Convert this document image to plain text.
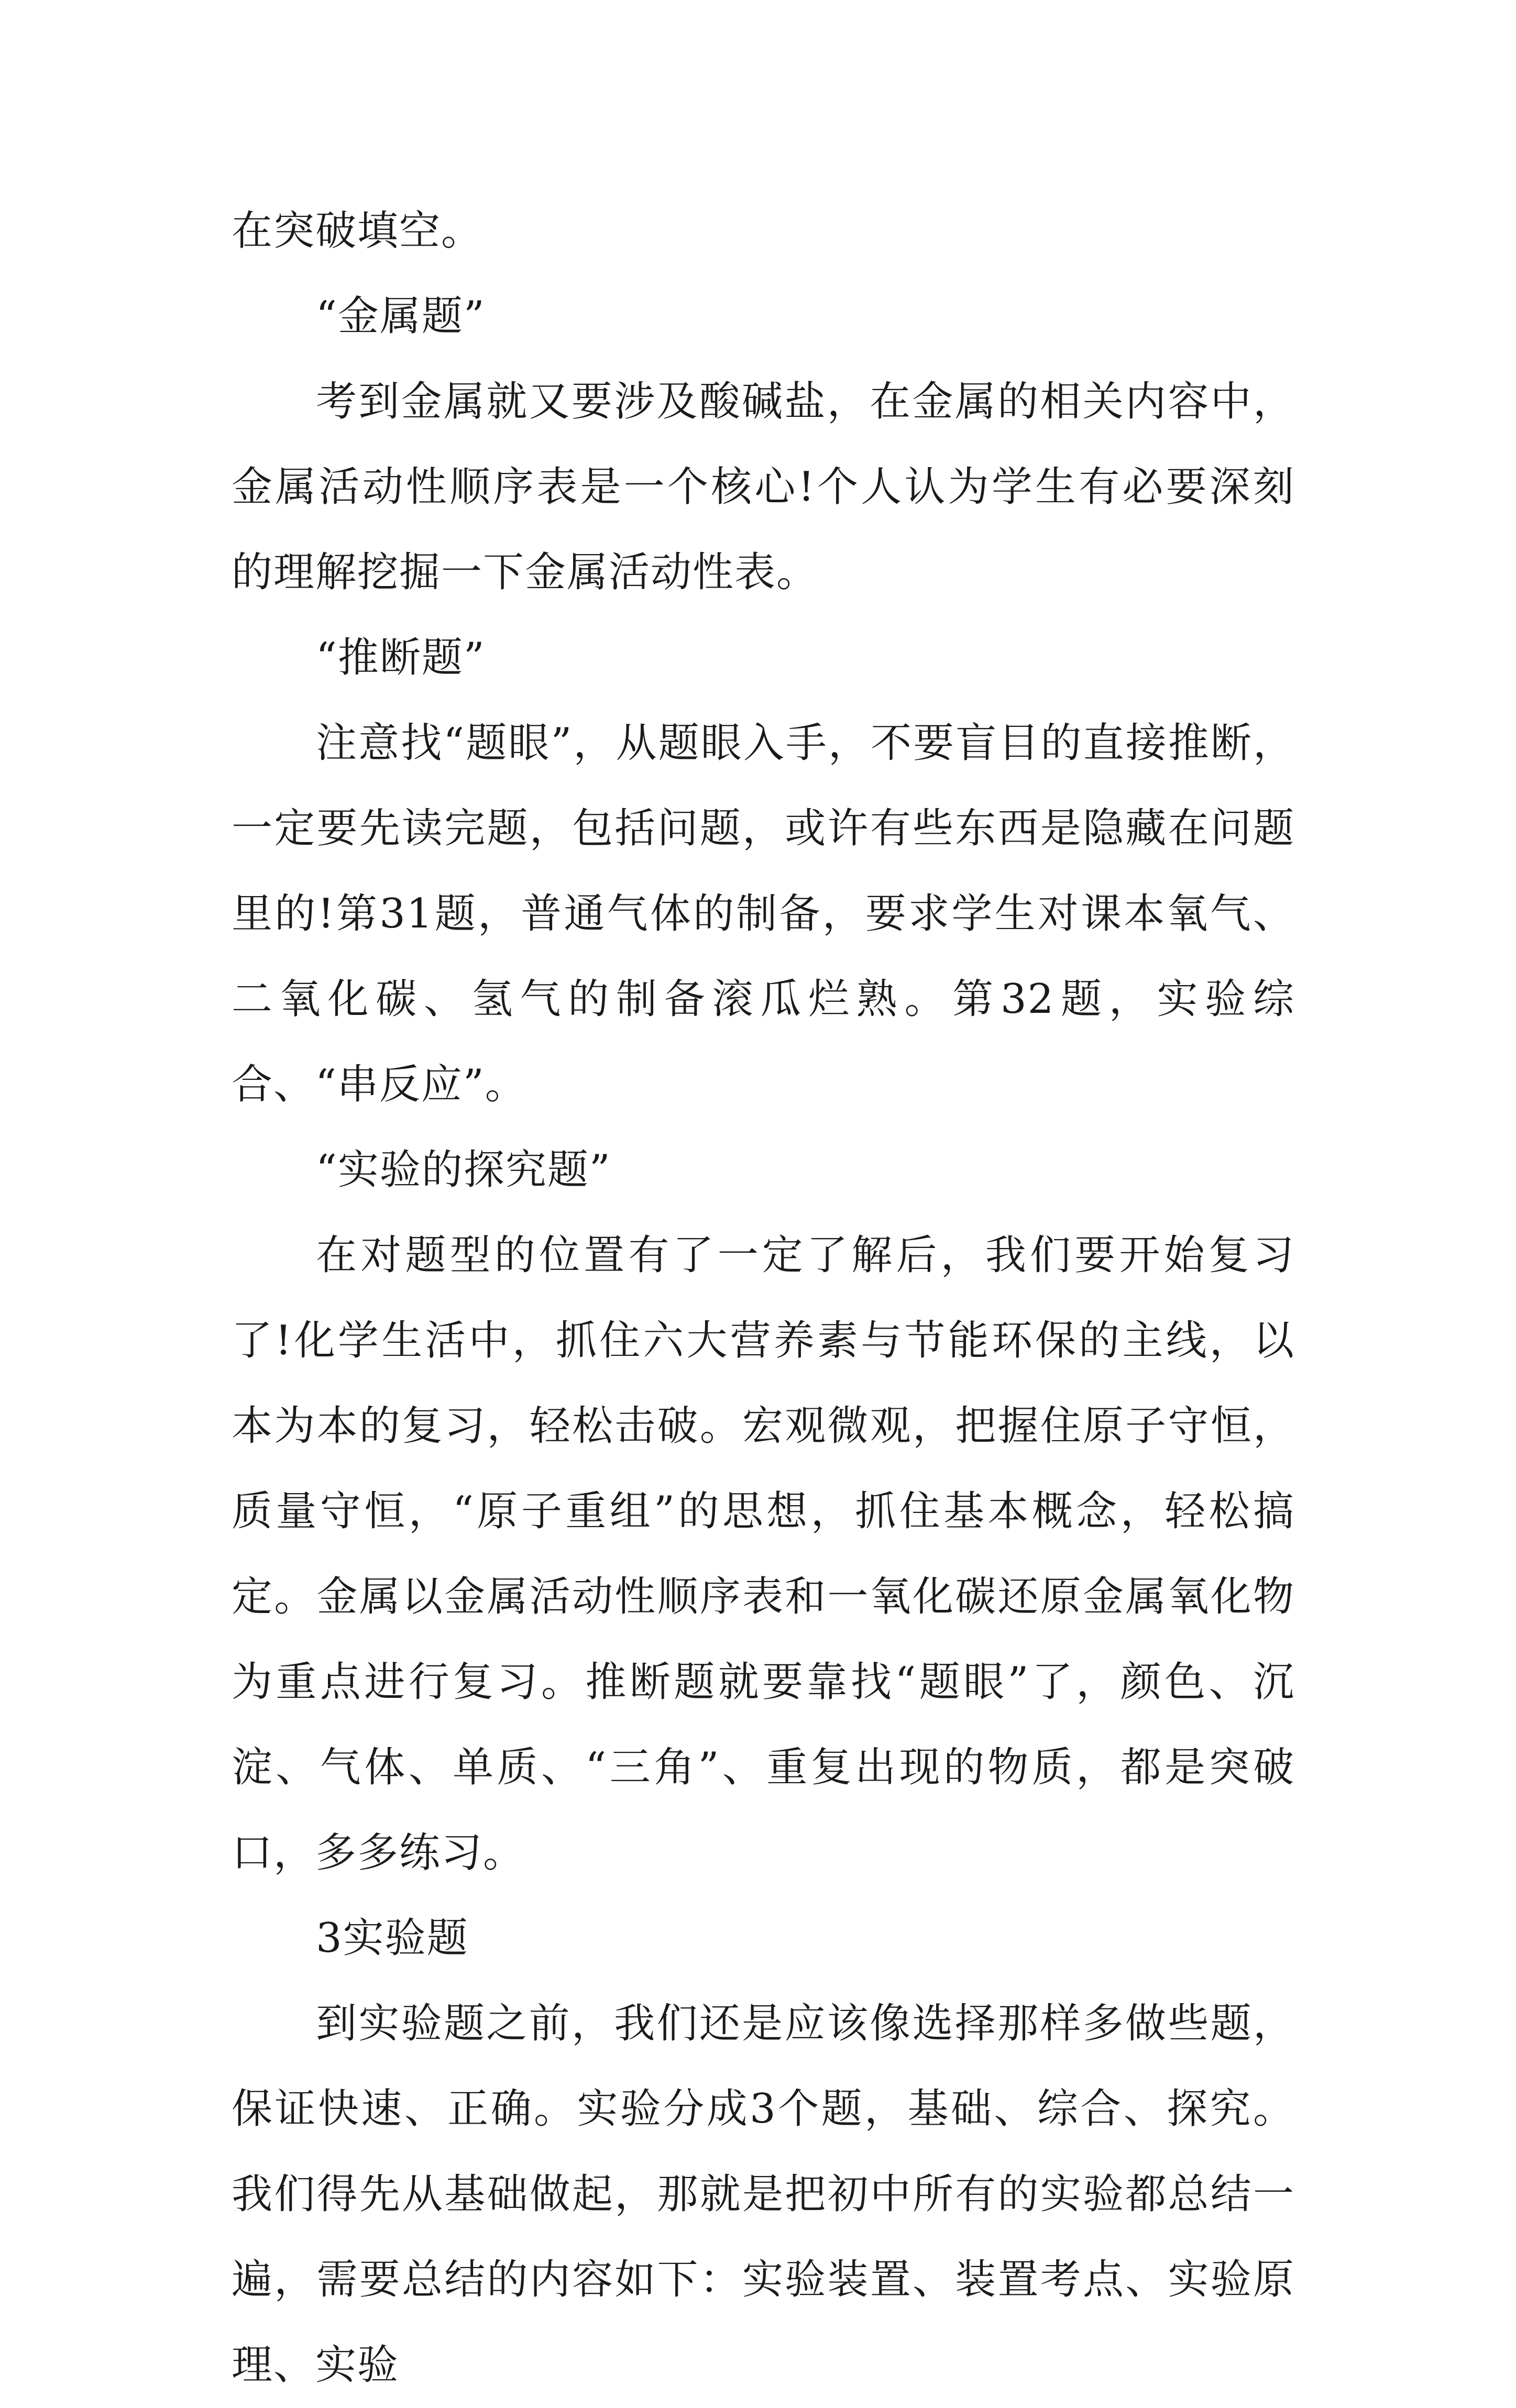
在突破填空。

“金属题”

考到金属就又要涉及酸碱盐，在金属的相关内容中，金属活动性顺序表是一个核心!个人认为学生有必要深刻的理解挖掘一下金属活动性表。

“推断题”

注意找“题眼”，从题眼入手，不要盲目的直接推断，一定要先读完题，包括问题，或许有些东西是隐藏在问题里的!第31题，普通气体的制备，要求学生对课本氧气、二氧化碳、氢气的制备滚瓜烂熟。第32题，实验综合、“串反应”。

“实验的探究题”

在对题型的位置有了一定了解后，我们要开始复习了!化学生活中，抓住六大营养素与节能环保的主线，以本为本的复习，轻松击破。宏观微观，把握住原子守恒，质量守恒，“原子重组”的思想，抓住基本概念，轻松搞定。金属以金属活动性顺序表和一氧化碳还原金属氧化物为重点进行复习。推断题就要靠找“题眼”了，颜色、沉淀、气体、单质、“三角”、重复出现的物质，都是突破口，多多练习。

3实验题

到实验题之前，我们还是应该像选择那样多做些题，保证快速、正确。实验分成3个题，基础、综合、探究。我们得先从基础做起，那就是把初中所有的实验都总结一遍，需要总结的内容如下：实验装置、装置考点、实验原理、实验
